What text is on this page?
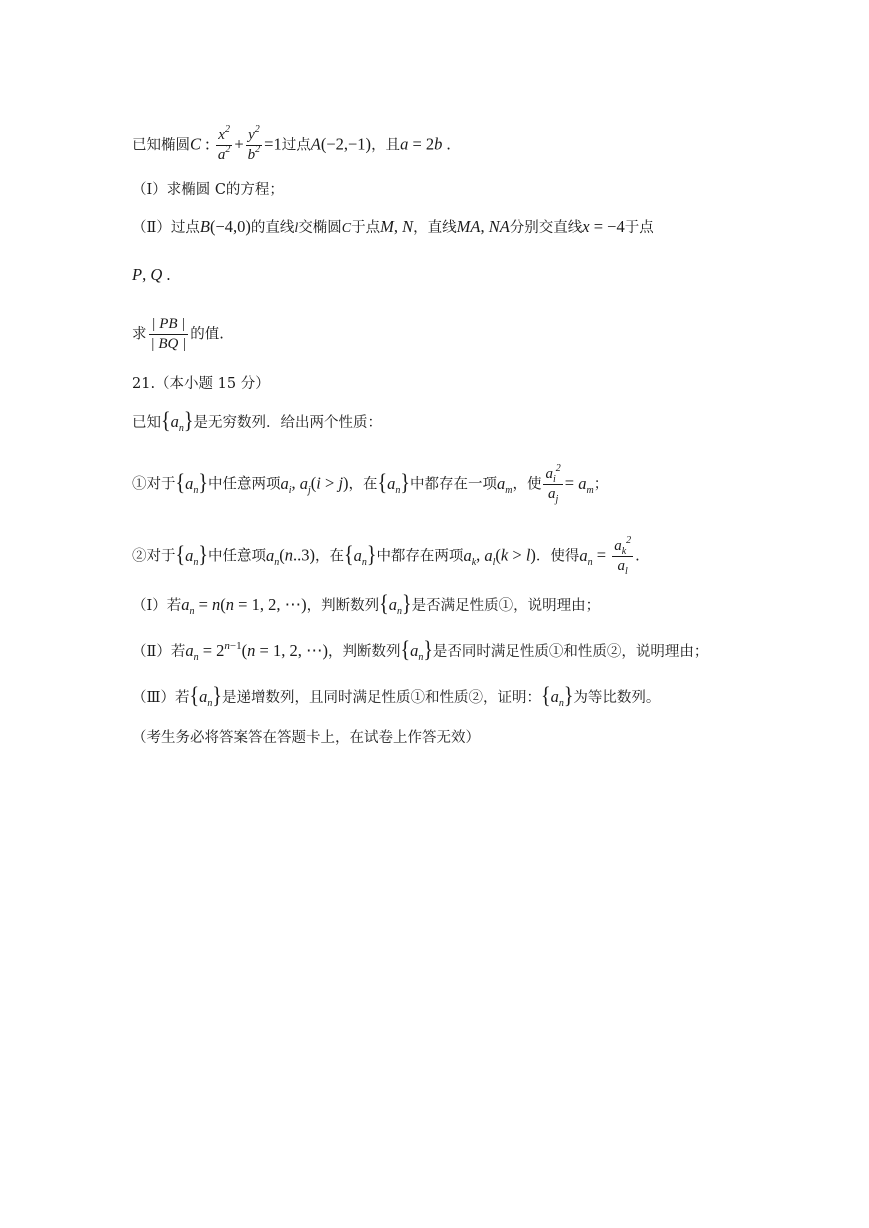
已知椭圆C : $\frac{x^2}{a^2} + \frac{y^2}{b^2} =1$过点A(−2,−1)，且a = 2b .
（Ⅰ）求椭圆 C的方程；
（Ⅱ）过点B(−4,0)的直线l交椭圆C于点M, N，直线MA, NA分别交直线x = −4于点
P, Q .
求 $\frac{| PB |}{| BQ |}$ 的值.
21.（本小题 15 分）
已知$\{a_n\}$是无穷数列．给出两个性质：
①对于$\{a_n\}$中任意两项$a_i$, $a_j(i > j)$，在$\{a_n\}$中都存在一项$a_m$，使 $\frac{a_i^2}{a_j} = a_m$；
②对于$\{a_n\}$中任意项$a_n(n..3)$，在$\{a_n\}$中都存在两项$a_k$, $a_l(k > l)$．使得$a_n = \frac{a_k^2}{a_l}$ .
（Ⅰ）若$a_n = n(n = 1$, 2, ⋯)，判断数列$\{a_n\}$是否满足性质①，说明理由；
（Ⅱ）若$a_n = 2^{n-1}(n = 1$, 2, ⋯)，判断数列$\{a_n\}$是否同时满足性质①和性质②，说明理由；
（Ⅲ）若$\{a_n\}$是递增数列，且同时满足性质①和性质②，证明：$\{a_n\}$为等比数列。
（考生务必将答案答在答题卡上，在试卷上作答无效）
